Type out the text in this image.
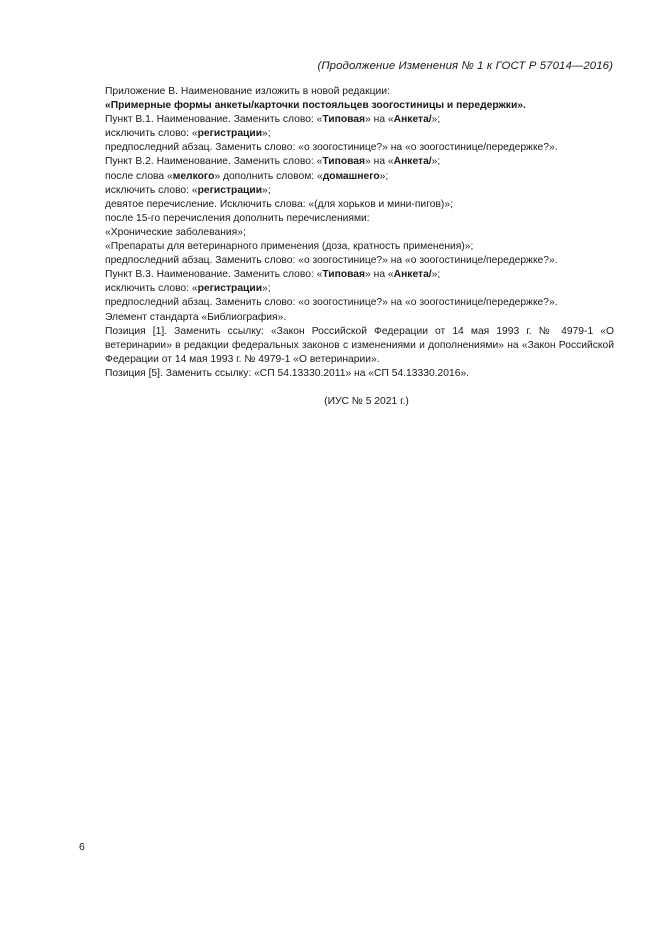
(Продолжение Изменения № 1 к ГОСТ Р 57014—2016)
Приложение В. Наименование изложить в новой редакции:
«Примерные формы анкеты/карточки постояльцев зоогостиницы и передержки».
Пункт В.1. Наименование. Заменить слово: «Типовая» на «Анкета/»;
исключить слово: «регистрации»;
предпоследний абзац. Заменить слово: «о зоогостинице?» на «о зоогостинице/передержке?».
Пункт В.2. Наименование. Заменить слово: «Типовая» на «Анкета/»;
после слова «мелкого» дополнить словом: «домашнего»;
исключить слово: «регистрации»;
девятое перечисление. Исключить слова: «(для хорьков и мини-пигов)»;
после 15-го перечисления дополнить перечислениями:
«Хронические заболевания»;
«Препараты для ветеринарного применения (доза, кратность применения)»;
предпоследний абзац. Заменить слово: «о зоогостинице?» на «о зоогостинице/передержке?».
Пункт В.3. Наименование. Заменить слово: «Типовая» на «Анкета/»;
исключить слово: «регистрации»;
предпоследний абзац. Заменить слово: «о зоогостинице?» на «о зоогостинице/передержке?».
Элемент стандарта «Библиография».
Позиция [1]. Заменить ссылку: «Закон Российской Федерации от 14 мая 1993 г. № 4979-1 «О ветеринарии» в редакции федеральных законов с изменениями и дополнениями» на «Закон Российской Федерации от 14 мая 1993 г. № 4979-1 «О ветеринарии».
Позиция [5]. Заменить ссылку: «СП 54.13330.2011» на «СП 54.13330.2016».
(ИУС № 5 2021 г.)
6
